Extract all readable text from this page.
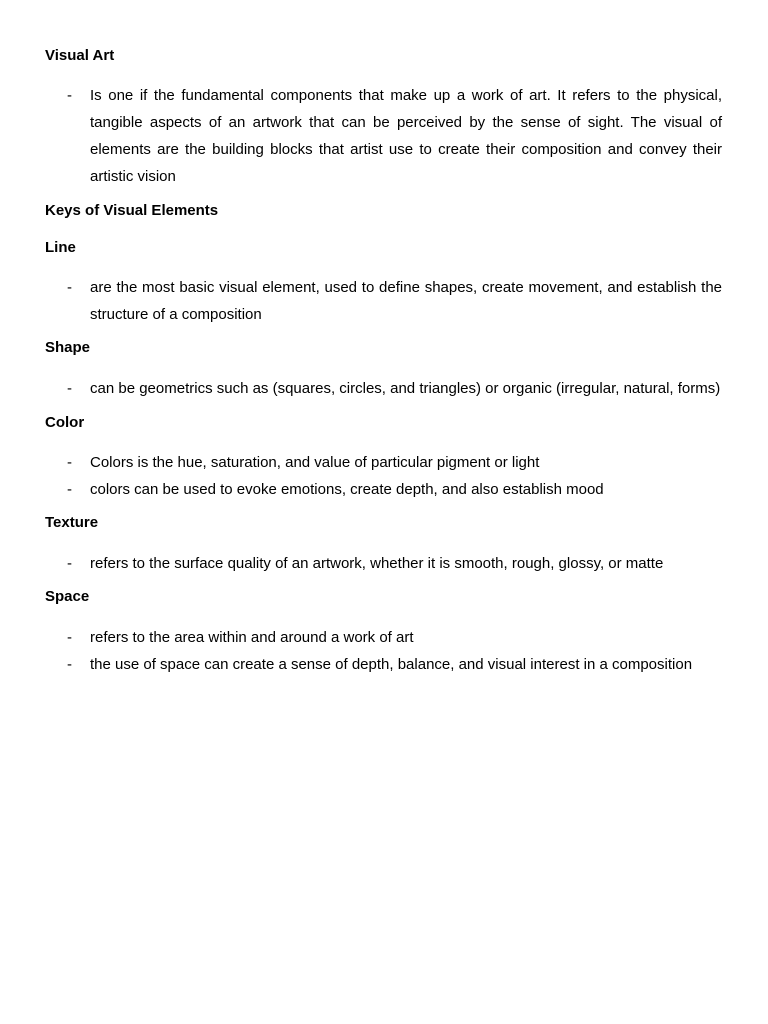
Visual Art
- Is one if the fundamental components that make up a work of art. It refers to the physical, tangible aspects of an artwork that can be perceived by the sense of sight. The visual of elements are the building blocks that artist use to create their composition and convey their artistic vision
Keys of Visual Elements
Line
- are the most basic visual element, used to define shapes, create movement, and establish the structure of a composition
Shape
- can be geometrics such as (squares, circles, and triangles) or organic (irregular, natural, forms)
Color
- Colors is the hue, saturation, and value of particular pigment or light
- colors can be used to evoke emotions, create depth, and also establish mood
Texture
- refers to the surface quality of an artwork, whether it is smooth, rough, glossy, or matte
Space
- refers to the area within and around a work of art
- the use of space can create a sense of depth, balance, and visual interest in a composition
